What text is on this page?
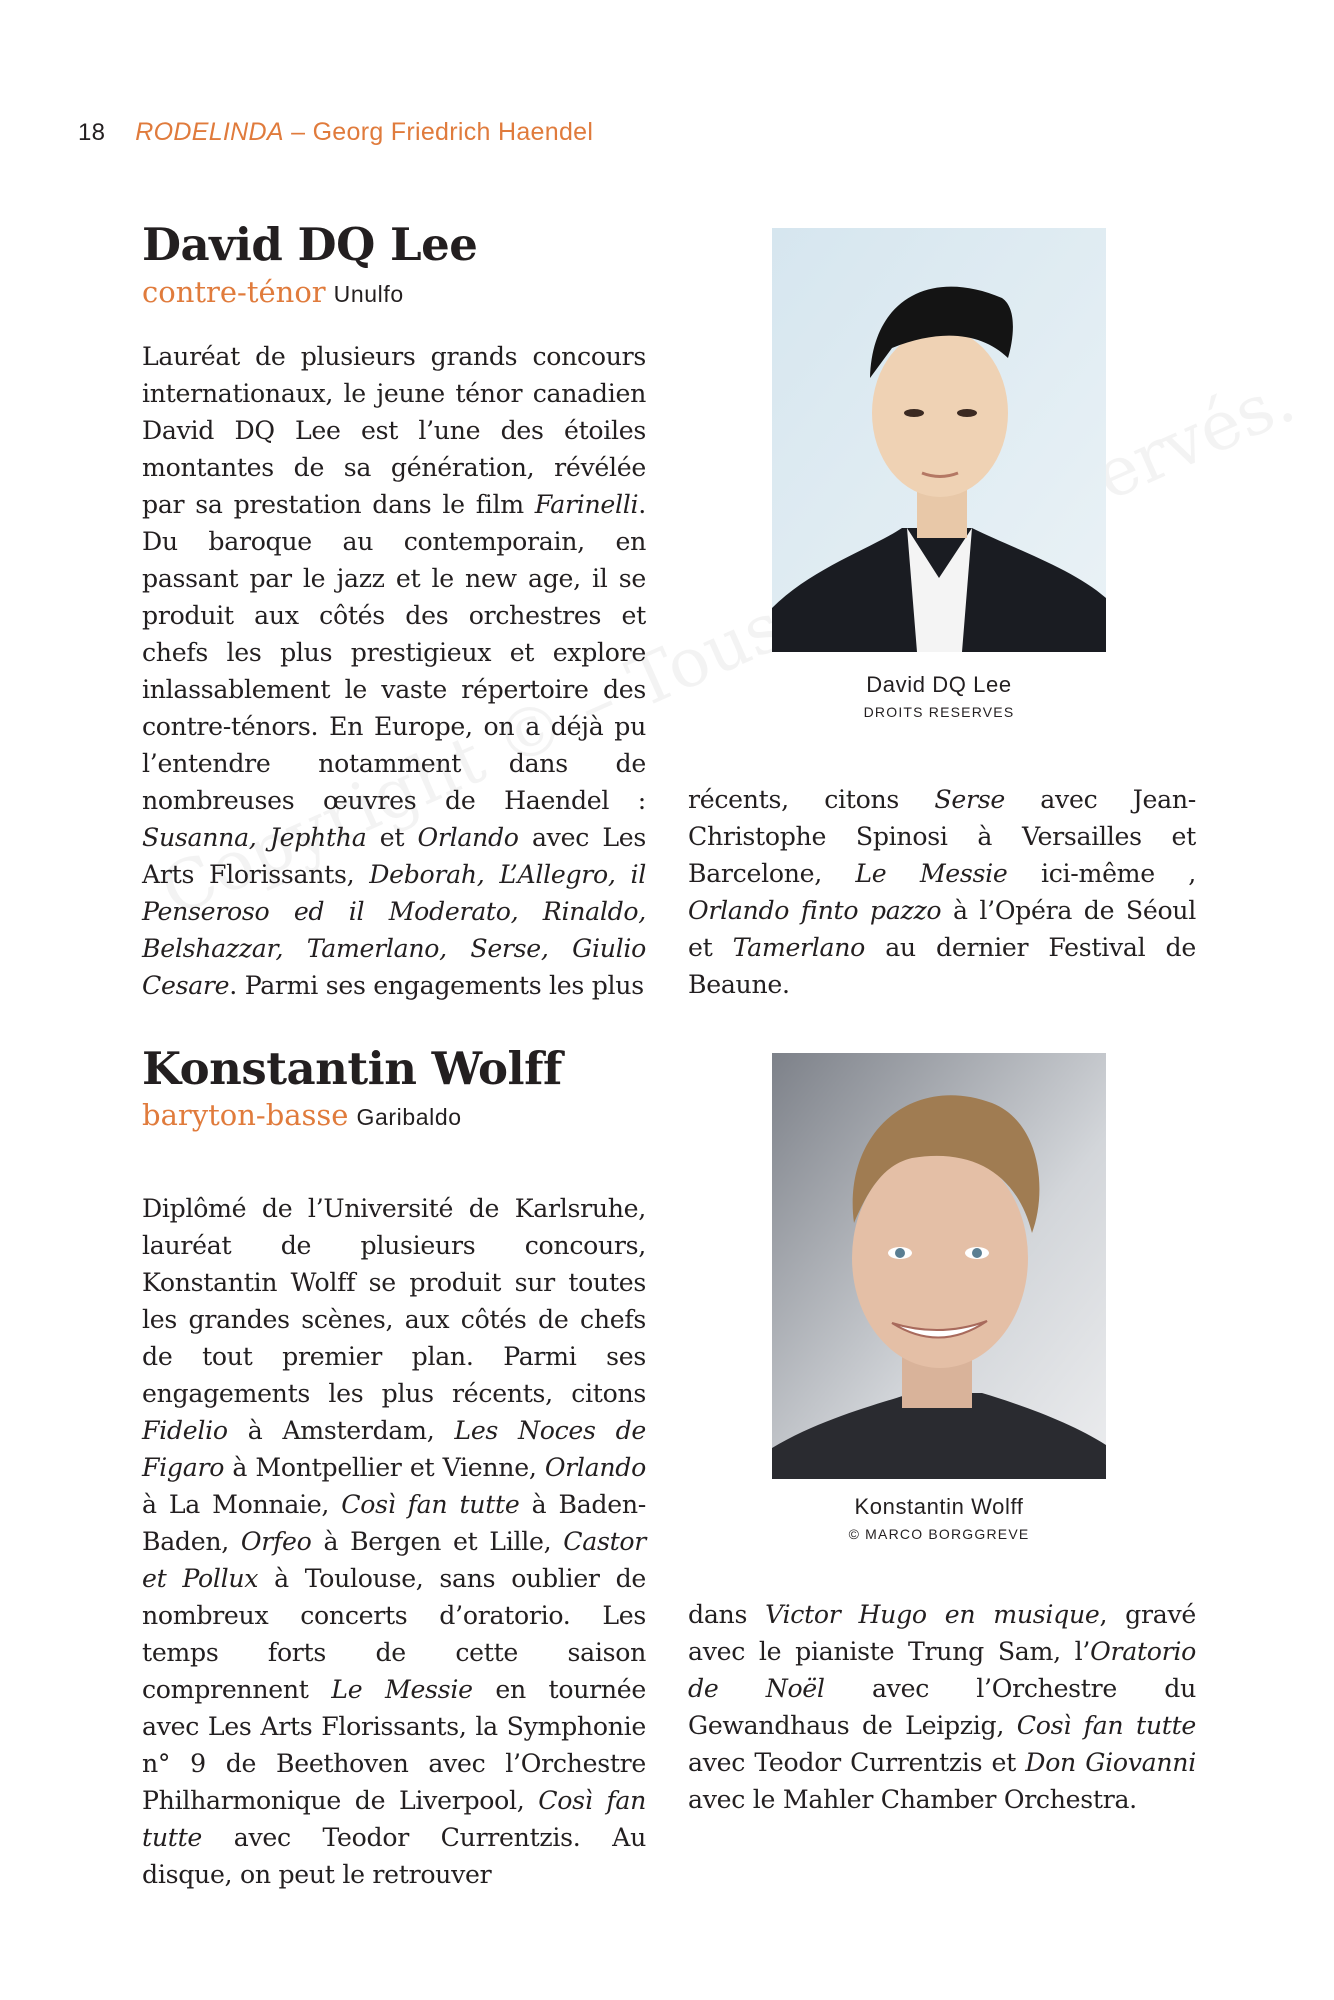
18 RODELINDA – Georg Friedrich Haendel
David DQ Lee
contre-ténor Unulfo

Lauréat de plusieurs grands concours internationaux, le jeune ténor canadien David DQ Lee est l’une des étoiles montantes de sa génération, révélée par sa prestation dans le film Farinelli. Du baroque au contemporain, en passant par le jazz et le new age, il se produit aux côtés des orchestres et chefs les plus prestigieux et explore inlassablement le vaste répertoire des contre-ténors. En Europe, on a déjà pu l’entendre notamment dans de nombreuses œuvres de Haendel : Susanna, Jephtha et Orlando avec Les Arts Florissants, Deborah, L’Allegro, il Penseroso ed il Moderato, Rinaldo, Belshazzar, Tamerlano, Serse, Giulio Cesare. Parmi ses engagements les plus

David DQ Lee
DROITS RESERVES

récents, citons Serse avec Jean-Christophe Spinosi à Versailles et Barcelone, Le Messie ici-même , Orlando finto pazzo à l’Opéra de Séoul et Tamerlano au dernier Festival de Beaune.

Konstantin Wolff
baryton-basse Garibaldo

Diplômé de l’Université de Karlsruhe, lauréat de plusieurs concours, Konstantin Wolff se produit sur toutes les grandes scènes, aux côtés de chefs de tout premier plan. Parmi ses engagements les plus récents, citons Fidelio à Amsterdam, Les Noces de Figaro à Montpellier et Vienne, Orlando à La Monnaie, Così fan tutte à Baden-Baden, Orfeo à Bergen et Lille, Castor et Pollux à Toulouse, sans oublier de nombreux concerts d’oratorio. Les temps forts de cette saison comprennent Le Messie en tournée avec Les Arts Florissants, la Symphonie n° 9 de Beethoven avec l’Orchestre Philharmonique de Liverpool, Così fan tutte avec Teodor Currentzis. Au disque, on peut le retrouver

Konstantin Wolff
© MARCO BORGGREVE

dans Victor Hugo en musique, gravé avec le pianiste Trung Sam, l’Oratorio de Noël avec l’Orchestre du Gewandhaus de Leipzig, Così fan tutte avec Teodor Currentzis et Don Giovanni avec le Mahler Chamber Orchestra.
